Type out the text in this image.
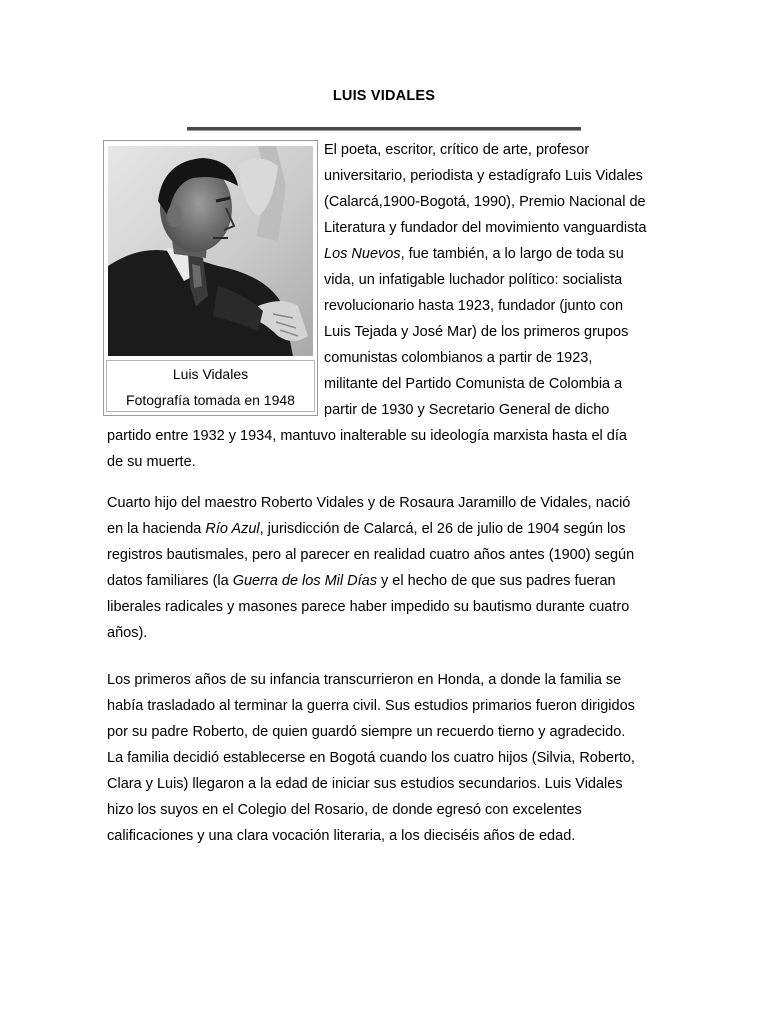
LUIS VIDALES
Luis Vidales
Fotografía tomada en 1948
El poeta, escritor, crítico de arte, profesor
universitario, periodista y estadígrafo Luis Vidales
(Calarcá,1900-Bogotá, 1990), Premio Nacional de
Literatura y fundador del movimiento vanguardista
Los Nuevos, fue también, a lo largo de toda su
vida, un infatigable luchador político: socialista
revolucionario hasta 1923, fundador (junto con
Luis Tejada y José Mar) de los primeros grupos
comunistas colombianos a partir de 1923,
militante del Partido Comunista de Colombia a
partir de 1930 y Secretario General de dicho
partido entre 1932 y 1934, mantuvo inalterable su ideología marxista hasta el día
de su muerte.
Cuarto hijo del maestro Roberto Vidales y de Rosaura Jaramillo de Vidales, nació
en la hacienda Río Azul, jurisdicción de Calarcá, el 26 de julio de 1904 según los
registros bautismales, pero al parecer en realidad cuatro años antes (1900) según
datos familiares (la Guerra de los Mil Días y el hecho de que sus padres fueran
liberales radicales y masones parece haber impedido su bautismo durante cuatro
años).
Los primeros años de su infancia transcurrieron en Honda, a donde la familia se
había trasladado al terminar la guerra civil. Sus estudios primarios fueron dirigidos
por su padre Roberto, de quien guardó siempre un recuerdo tierno y agradecido.
La familia decidió establecerse en Bogotá cuando los cuatro hijos (Silvia, Roberto,
Clara y Luis) llegaron a la edad de iniciar sus estudios secundarios. Luis Vidales
hizo los suyos en el Colegio del Rosario, de donde egresó con excelentes
calificaciones y una clara vocación literaria, a los dieciséis años de edad.
